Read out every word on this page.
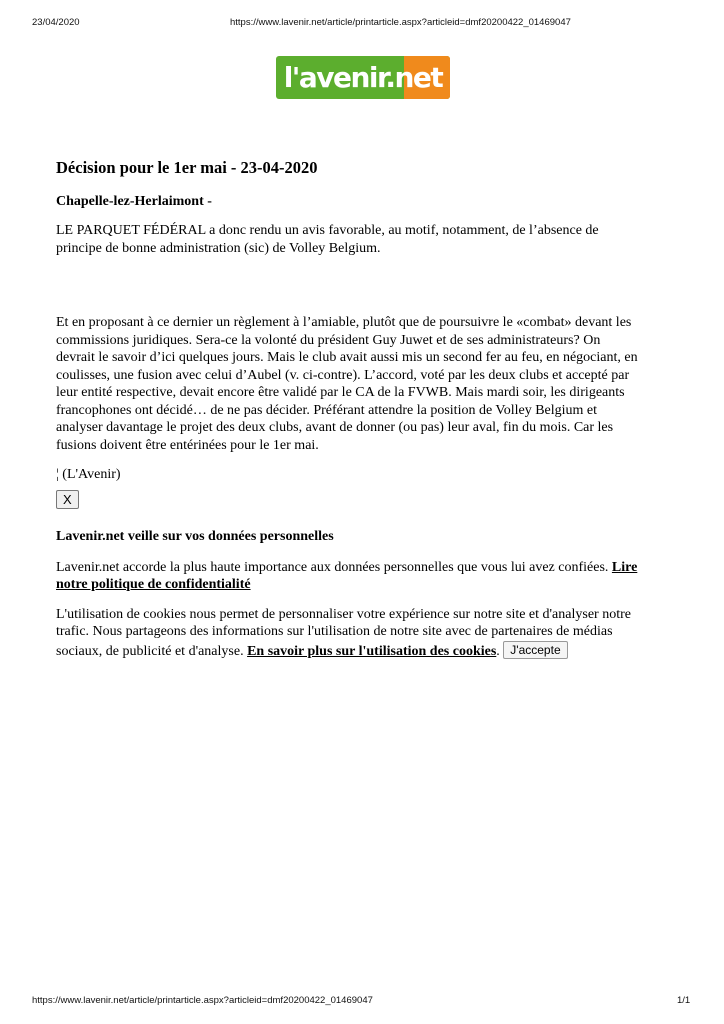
23/04/2020	https://www.lavenir.net/article/printarticle.aspx?articleid=dmf20200422_01469047
l'avenir.net
Décision pour le 1er mai - 23-04-2020
Chapelle-lez-Herlaimont -

LE PARQUET FÉDÉRAL a donc rendu un avis favorable, au motif, notamment, de l’absence de principe de bonne administration (sic) de Volley Belgium.

Et en proposant à ce dernier un règlement à l’amiable, plutôt que de poursuivre le «combat» devant les commissions juridiques. Sera-ce la volonté du président Guy Juwet et de ses administrateurs? On devrait le savoir d’ici quelques jours. Mais le club avait aussi mis un second fer au feu, en négociant, en coulisses, une fusion avec celui d’Aubel (v. ci-contre). L’accord, voté par les deux clubs et accepté par leur entité respective, devait encore être validé par le CA de la FVWB. Mais mardi soir, les dirigeants francophones ont décidé… de ne pas décider. Préférant attendre la position de Volley Belgium et analyser davantage le projet des deux clubs, avant de donner (ou pas) leur aval, fin du mois. Car les fusions doivent être entérinées pour le 1er mai.

¦ (L'Avenir)

X
Lavenir.net veille sur vos données personnelles

Lavenir.net accorde la plus haute importance aux données personnelles que vous lui avez confiées. Lire notre politique de confidentialité

L'utilisation de cookies nous permet de personnaliser votre expérience sur notre site et d'analyser notre trafic. Nous partageons des informations sur l'utilisation de notre site avec de partenaires de médias sociaux, de publicité et d'analyse. En savoir plus sur l'utilisation des cookies. J'accepte

https://www.lavenir.net/article/printarticle.aspx?articleid=dmf20200422_01469047	1/1
